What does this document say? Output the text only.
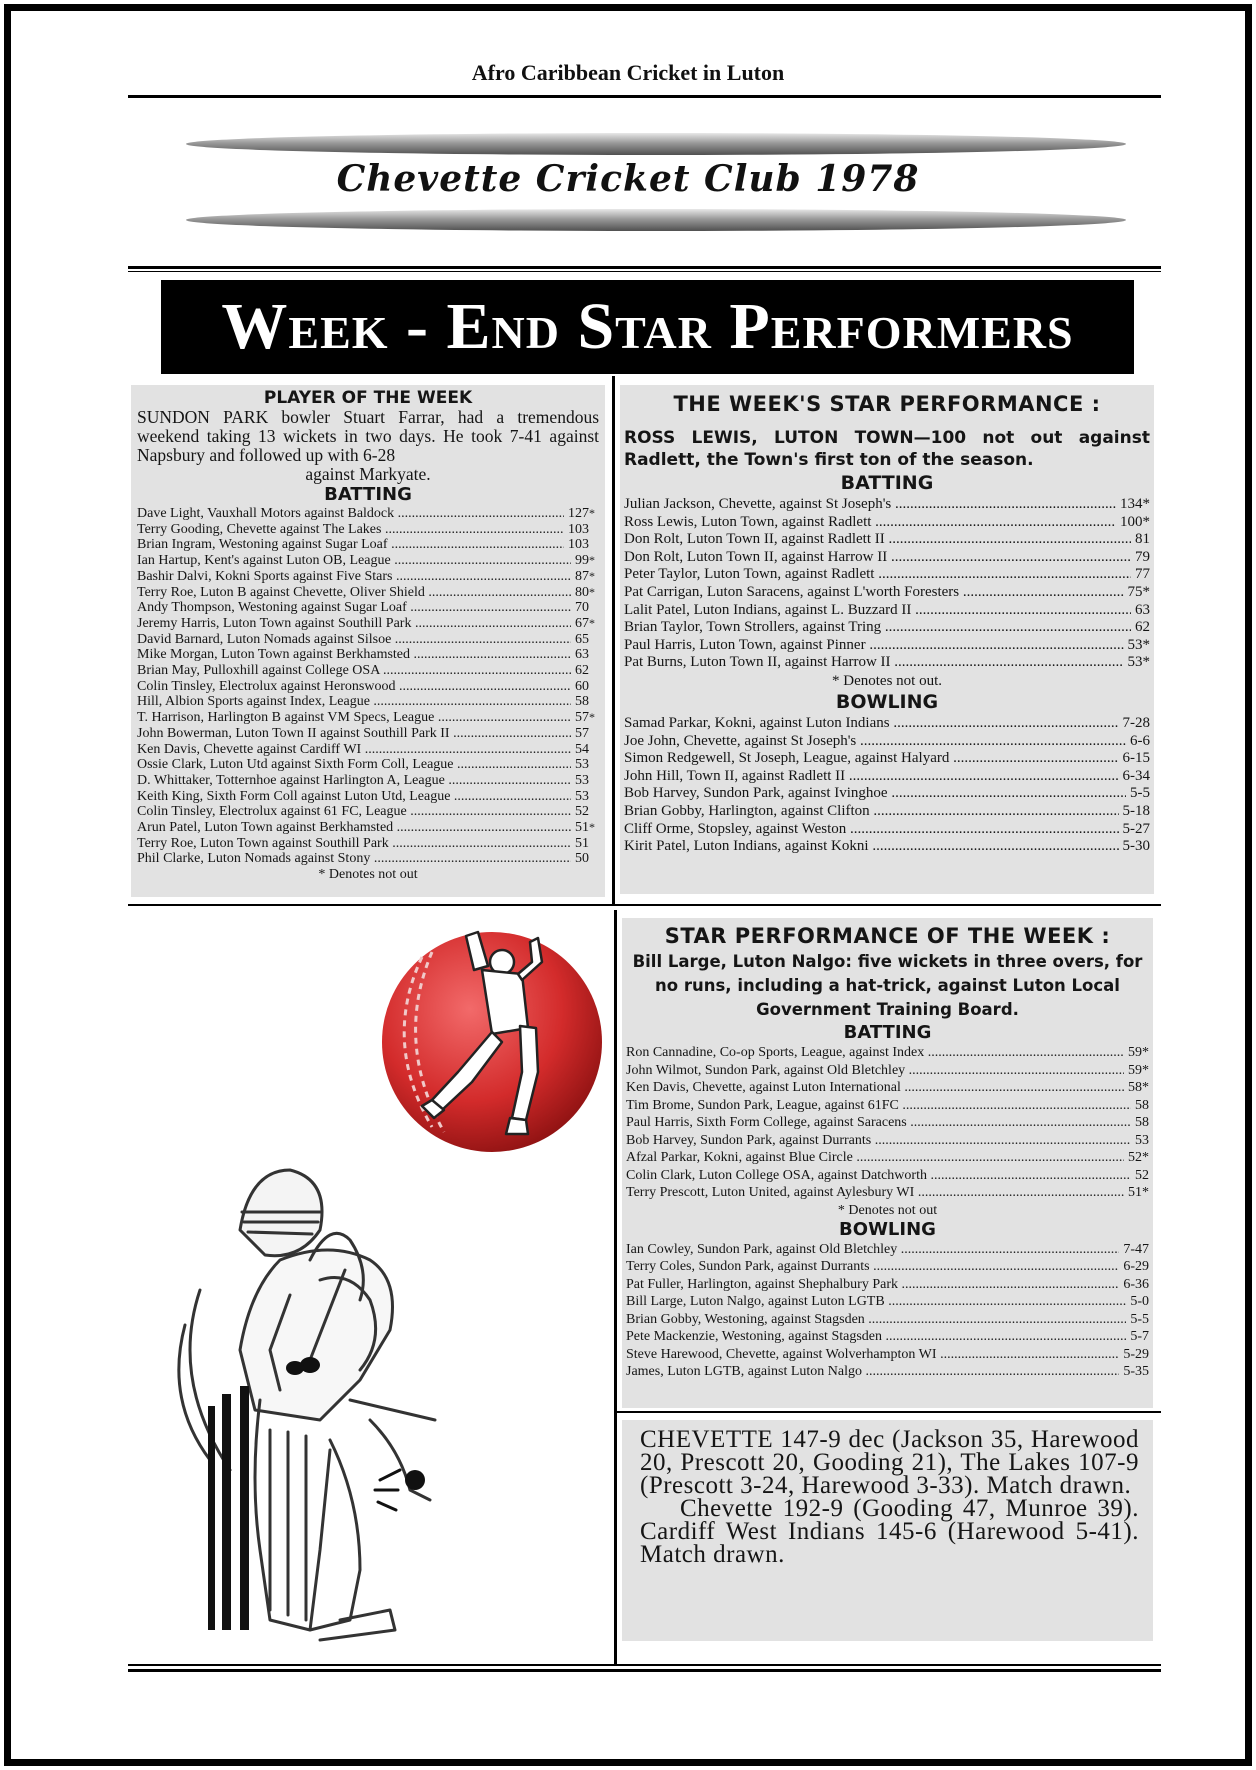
Afro Caribbean Cricket in Luton
Chevette Cricket Club 1978
Week - End Star Performers
PLAYER OF THE WEEK
SUNDON PARK bowler Stuart Farrar, had a tremendous weekend taking 13 wickets in two days. He took 7-41 against Napsbury and followed up with 6-28
against Markyate.
BATTING
Dave Light, Vauxhall Motors against Baldock .....	127 *
Terry Gooding, Chevette against The Lakes .....	103
Brian Ingram, Westoning against Sugar Loaf .....	103
Ian Hartup, Kent's against Luton OB, League .....	99 *
Bashir Dalvi, Kokni Sports against Five Stars .....	87 *
Terry Roe, Luton B against Chevette, Oliver Shield .....	80 *
Andy Thompson, Westoning against Sugar Loaf .....	70
Jeremy Harris, Luton Town against Southill Park .....	67 *
David Barnard, Luton Nomads against Silsoe .....	65
Mike Morgan, Luton Town against Berkhamsted .....	63
Brian May, Pulloxhill against College OSA .....	62
Colin Tinsley, Electrolux against Heronswood .....	60
Hill, Albion Sports against Index, League .....	58
T. Harrison, Harlington B against VM Specs, League .....	57 *
John Bowerman, Luton Town II against Southill Park II .....	57
Ken Davis, Chevette against Cardiff WI .....	54
Ossie Clark, Luton Utd against Sixth Form Coll, League .....	53
D. Whittaker, Totternhoe against Harlington A, League .....	53
Keith King, Sixth Form Coll against Luton Utd, League .....	53
Colin Tinsley, Electrolux against 61 FC, League .....	52
Arun Patel, Luton Town against Berkhamsted .....	51 *
Terry Roe, Luton Town against Southill Park .....	51
Phil Clarke, Luton Nomads against Stony .....	50
* Denotes not out
THE WEEK'S STAR PERFORMANCE :
ROSS LEWIS, LUTON TOWN—100 not out against Radlett, the Town's first ton of the season.
BATTING
Julian Jackson, Chevette, against St Joseph's .....	134*
Ross Lewis, Luton Town, against Radlett .....	100*
Don Rolt, Luton Town II, against Radlett II .....	81
Don Rolt, Luton Town II, against Harrow II .....	79
Peter Taylor, Luton Town, against Radlett .....	77
Pat Carrigan, Luton Saracens, against L'worth Foresters .....	75*
Lalit Patel, Luton Indians, against L. Buzzard II .....	63
Brian Taylor, Town Strollers, against Tring .....	62
Paul Harris, Luton Town, against Pinner .....	53*
Pat Burns, Luton Town II, against Harrow II .....	53*
* Denotes not out.
BOWLING
Samad Parkar, Kokni, against Luton Indians .....	7-28
Joe John, Chevette, against St Joseph's .....	6-6
Simon Redgewell, St Joseph, League, against Halyard .....	6-15
John Hill, Town II, against Radlett II .....	6-34
Bob Harvey, Sundon Park, against Ivinghoe .....	5-5
Brian Gobby, Harlington, against Clifton .....	5-18
Cliff Orme, Stopsley, against Weston .....	5-27
Kirit Patel, Luton Indians, against Kokni .....	5-30
STAR PERFORMANCE OF THE WEEK :
Bill Large, Luton Nalgo: five wickets in three overs, for no runs, including a hat-trick, against Luton Local Government Training Board.
BATTING
Ron Cannadine, Co-op Sports, League, against Index .....	59*
John Wilmot, Sundon Park, against Old Bletchley .....	59*
Ken Davis, Chevette, against Luton International .....	58*
Tim Brome, Sundon Park, League, against 61FC .....	58
Paul Harris, Sixth Form College, against Saracens .....	58
Bob Harvey, Sundon Park, against Durrants .....	53
Afzal Parkar, Kokni, against Blue Circle .....	52*
Colin Clark, Luton College OSA, against Datchworth .....	52
Terry Prescott, Luton United, against Aylesbury WI .....	51*
* Denotes not out
BOWLING
Ian Cowley, Sundon Park, against Old Bletchley .....	7-47
Terry Coles, Sundon Park, against Durrants .....	6-29
Pat Fuller, Harlington, against Shephalbury Park .....	6-36
Bill Large, Luton Nalgo, against Luton LGTB .....	5-0
Brian Gobby, Westoning, against Stagsden .....	5-5
Pete Mackenzie, Westoning, against Stagsden .....	5-7
Steve Harewood, Chevette, against Wolverhampton WI .....	5-29
James, Luton LGTB, against Luton Nalgo .....	5-35

CHEVETTE 147-9 dec (Jackson 35, Harewood 20, Prescott 20, Gooding 21), The Lakes 107-9 (Prescott 3-24, Harewood 3-33). Match drawn.

Chevette 192-9 (Gooding 47, Munroe 39). Cardiff West Indians 145-6 (Harewood 5-41). Match drawn.
